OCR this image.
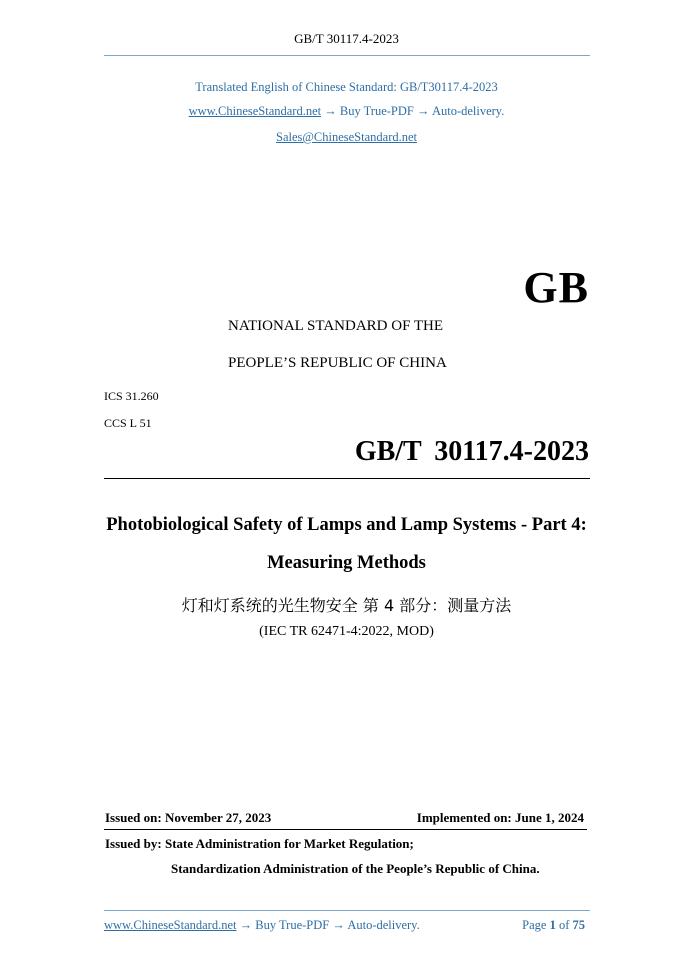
GB/T 30117.4-2023
Translated English of Chinese Standard: GB/T30117.4-2023
www.ChineseStandard.net → Buy True-PDF → Auto-delivery.
Sales@ChineseStandard.net
GB
NATIONAL STANDARD OF THE
PEOPLE’S REPUBLIC OF CHINA
ICS 31.260
CCS L 51
GB/T 30117.4-2023
Photobiological Safety of Lamps and Lamp Systems - Part 4:
Measuring Methods
灯和灯系统的光生物安全 第 4 部分：测量方法
(IEC TR 62471-4:2022, MOD)
Issued on: November 27, 2023	Implemented on: June 1, 2024
Issued by: State Administration for Market Regulation;
Standardization Administration of the People’s Republic of China.
www.ChineseStandard.net → Buy True-PDF → Auto-delivery.	Page 1 of 75
